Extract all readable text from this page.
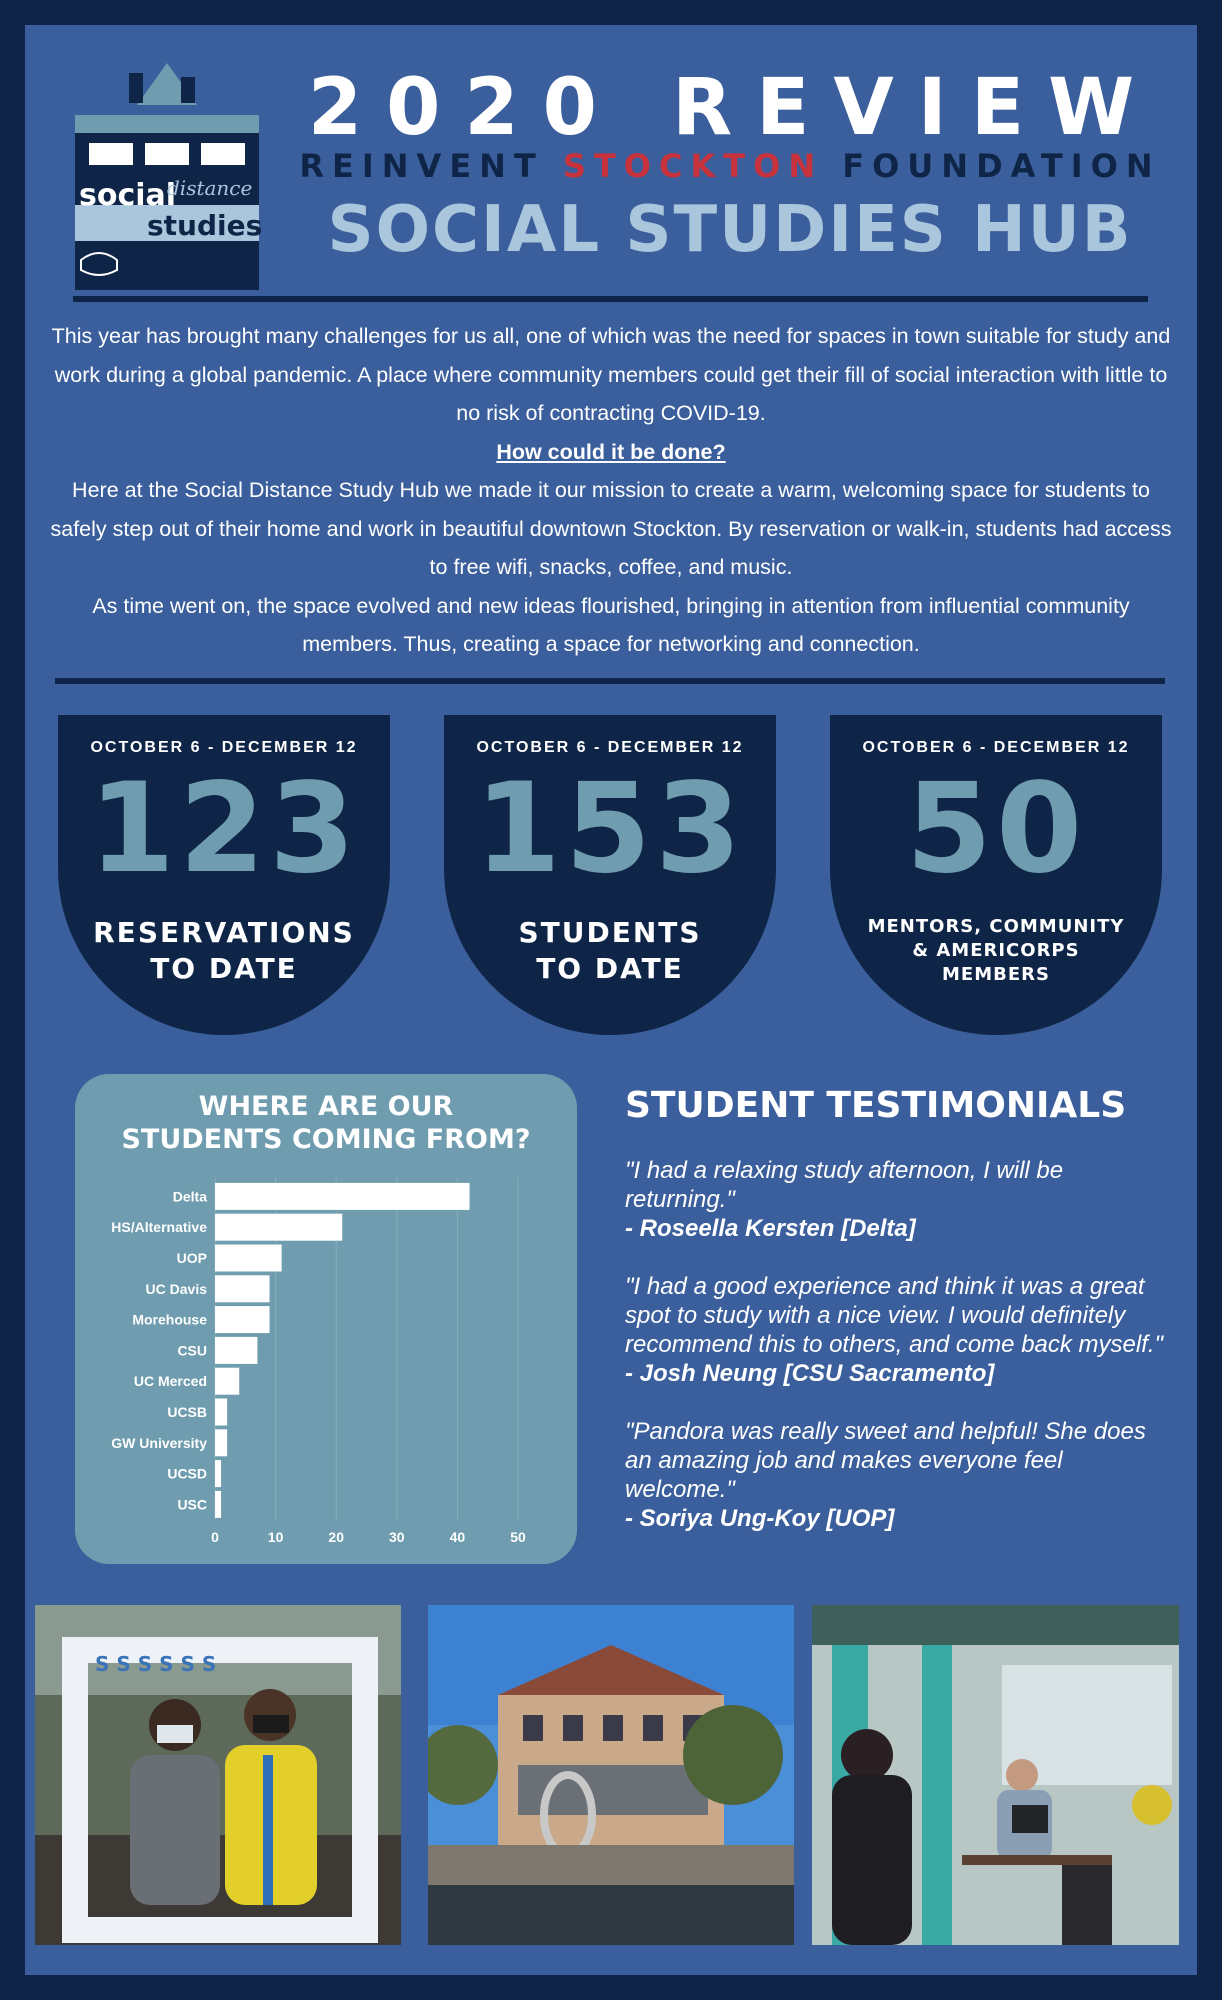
social
distance
studies
2020 REVIEW
REINVENT STOCKTON FOUNDATION
SOCIAL STUDIES HUB
This year has brought many challenges for us all, one of which was the need for spaces in town suitable for study and work during a global pandemic. A place where community members could get their fill of social interaction with little to no risk of contracting COVID-19.
How could it be done?
Here at the Social Distance Study Hub we made it our mission to create a warm, welcoming space for students to safely step out of their home and work in beautiful downtown Stockton. By reservation or walk-in, students had access to free wifi, snacks, coffee, and music.
As time went on, the space evolved and new ideas flourished, bringing in attention from influential community members. Thus, creating a space for networking and connection.
OCTOBER 6 - DECEMBER 12
123
RESERVATIONS
TO DATE
OCTOBER 6 - DECEMBER 12
153
STUDENTS
TO DATE
OCTOBER 6 - DECEMBER 12
50
MENTORS, COMMUNITY
& AMERICORPS
MEMBERS
WHERE ARE OUR
STUDENTS COMING FROM?
0	10	20	30	40	50
Delta
HS/Alternative
UOP
UC Davis
Morehouse
CSU
UC Merced
UCSB
GW University
UCSD
USC
STUDENT TESTIMONIALS
"I had a relaxing study afternoon, I will be returning."
- Roseella Kersten [Delta]
"I had a good experience and think it was a great spot to study with a nice view. I would definitely recommend this to others, and come back myself."
- Josh Neung [CSU Sacramento]
"Pandora was really sweet and helpful! She does an amazing job and makes everyone feel welcome."
- Soriya Ung-Koy [UOP]
S S S S S S
